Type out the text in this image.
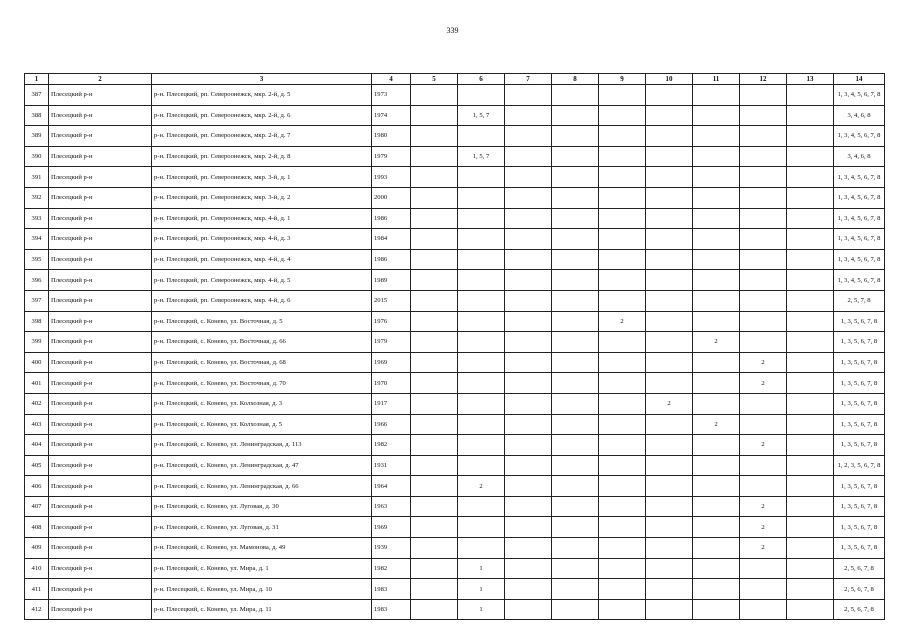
339
1	2	3	4	5	6	7	8	9	10	11	12	13	14
387	Плесецкий р-н	р-н. Плесецкий, рп. Североонежск, мкр. 2-й, д. 5	1973										1, 3, 4, 5, 6, 7, 8
388	Плесецкий р-н	р-н. Плесецкий, рп. Североонежск, мкр. 2-й, д. 6	1974		1, 5, 7								3, 4, 6, 8
389	Плесецкий р-н	р-н. Плесецкий, рп. Североонежск, мкр. 2-й, д. 7	1980										1, 3, 4, 5, 6, 7, 8
390	Плесецкий р-н	р-н. Плесецкий, рп. Североонежск, мкр. 2-й, д. 8	1979		1, 5, 7								3, 4, 6, 8
391	Плесецкий р-н	р-н. Плесецкий, рп. Североонежск, мкр. 3-й, д. 1	1993										1, 3, 4, 5, 6, 7, 8
392	Плесецкий р-н	р-н. Плесецкий, рп. Североонежск, мкр. 3-й, д. 2	2000										1, 3, 4, 5, 6, 7, 8
393	Плесецкий р-н	р-н. Плесецкий, рп. Североонежск, мкр. 4-й, д. 1	1986										1, 3, 4, 5, 6, 7, 8
394	Плесецкий р-н	р-н. Плесецкий, рп. Североонежск, мкр. 4-й, д. 3	1984										1, 3, 4, 5, 6, 7, 8
395	Плесецкий р-н	р-н. Плесецкий, рп. Североонежск, мкр. 4-й, д. 4	1986										1, 3, 4, 5, 6, 7, 8
396	Плесецкий р-н	р-н. Плесецкий, рп. Североонежск, мкр. 4-й, д. 5	1989										1, 3, 4, 5, 6, 7, 8
397	Плесецкий р-н	р-н. Плесецкий, рп. Североонежск, мкр. 4-й, д. 6	2015										2, 5, 7, 8
398	Плесецкий р-н	р-н. Плесецкий, с. Конево, ул. Восточная, д. 5	1976					2					1, 3, 5, 6, 7, 8
399	Плесецкий р-н	р-н. Плесецкий, с. Конево, ул. Восточная, д. 66	1979							2			1, 3, 5, 6, 7, 8
400	Плесецкий р-н	р-н. Плесецкий, с. Конево, ул. Восточная, д. 68	1969								2		1, 3, 5, 6, 7, 8
401	Плесецкий р-н	р-н. Плесецкий, с. Конево, ул. Восточная, д. 70	1970								2		1, 3, 5, 6, 7, 8
402	Плесецкий р-н	р-н. Плесецкий, с. Конево, ул. Колхозная, д. 3	1917						2				1, 3, 5, 6, 7, 8
403	Плесецкий р-н	р-н. Плесецкий, с. Конево, ул. Колхозная, д. 5	1966							2			1, 3, 5, 6, 7, 8
404	Плесецкий р-н	р-н. Плесецкий, с. Конево, ул. Ленинградская, д. 113	1982								2		1, 3, 5, 6, 7, 8
405	Плесецкий р-н	р-н. Плесецкий, с. Конево, ул. Ленинградская, д. 47	1931										1, 2, 3, 5, 6, 7, 8
406	Плесецкий р-н	р-н. Плесецкий, с. Конево, ул. Ленинградская, д. 66	1964		2								1, 3, 5, 6, 7, 8
407	Плесецкий р-н	р-н. Плесецкий, с. Конево, ул. Луговая, д. 30	1963								2		1, 3, 5, 6, 7, 8
408	Плесецкий р-н	р-н. Плесецкий, с. Конево, ул. Луговая, д. 31	1969								2		1, 3, 5, 6, 7, 8
409	Плесецкий р-н	р-н. Плесецкий, с. Конево, ул. Мамонова, д. 49	1939								2		1, 3, 5, 6, 7, 8
410	Плесецкий р-н	р-н. Плесецкий, с. Конево, ул. Мира, д. 1	1982		1								2, 5, 6, 7, 8
411	Плесецкий р-н	р-н. Плесецкий, с. Конево, ул. Мира, д. 10	1983		1								2, 5, 6, 7, 8
412	Плесецкий р-н	р-н. Плесецкий, с. Конево, ул. Мира, д. 11	1983		1								2, 5, 6, 7, 8
